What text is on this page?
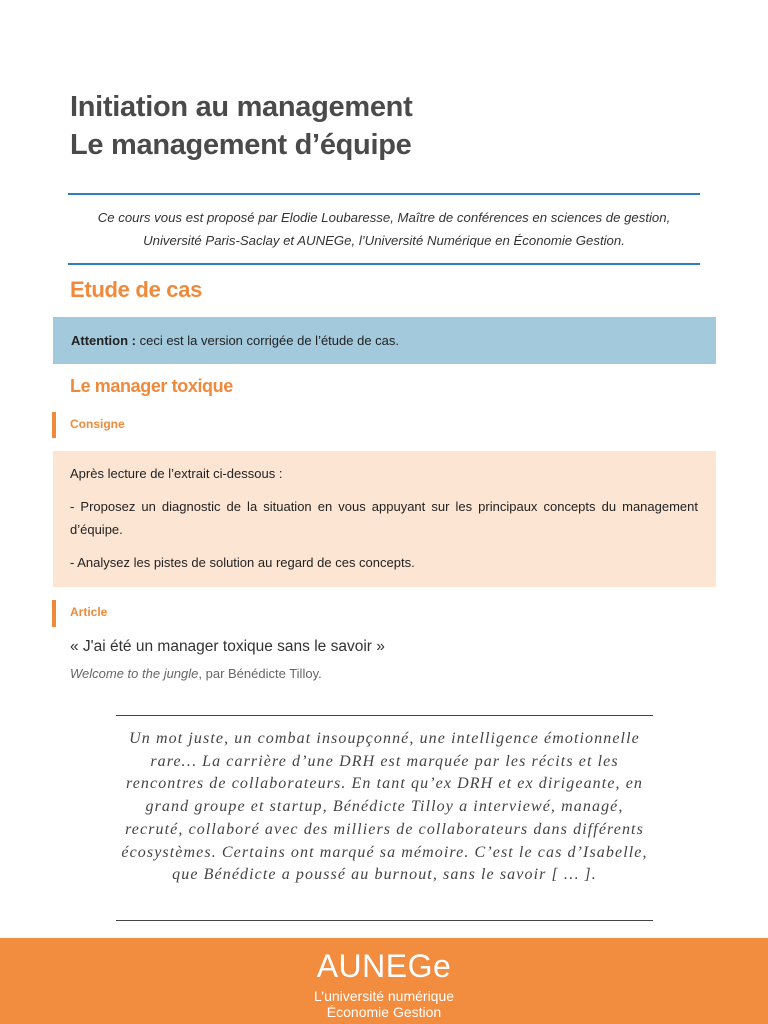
Initiation au management
Le management d’équipe

Ce cours vous est proposé par Elodie Loubaresse, Maître de conférences en sciences de gestion, Université Paris-Saclay et AUNEGe, l’Université Numérique en Économie Gestion.

Etude de cas
Attention : ceci est la version corrigée de l’étude de cas.
Le manager toxique
Consigne

Après lecture de l’extrait ci-dessous :

- Proposez un diagnostic de la situation en vous appuyant sur les principaux concepts du management d’équipe.

- Analysez les pistes de solution au regard de ces concepts.

Article

« J'ai été un manager toxique sans le savoir »

Welcome to the jungle, par Bénédicte Tilloy.

Un mot juste, un combat insoupçonné, une intelligence émotionnelle rare… La carrière d’une DRH est marquée par les récits et les rencontres de collaborateurs. En tant qu’ex DRH et ex dirigeante, en grand groupe et startup, Bénédicte Tilloy a interviewé, managé, recruté, collaboré avec des milliers de collaborateurs dans différents écosystèmes. Certains ont marqué sa mémoire. C’est le cas d’Isabelle, que Bénédicte a poussé au burnout, sans le savoir [ … ].

AUNEGe
L’université numérique
Économie Gestion
